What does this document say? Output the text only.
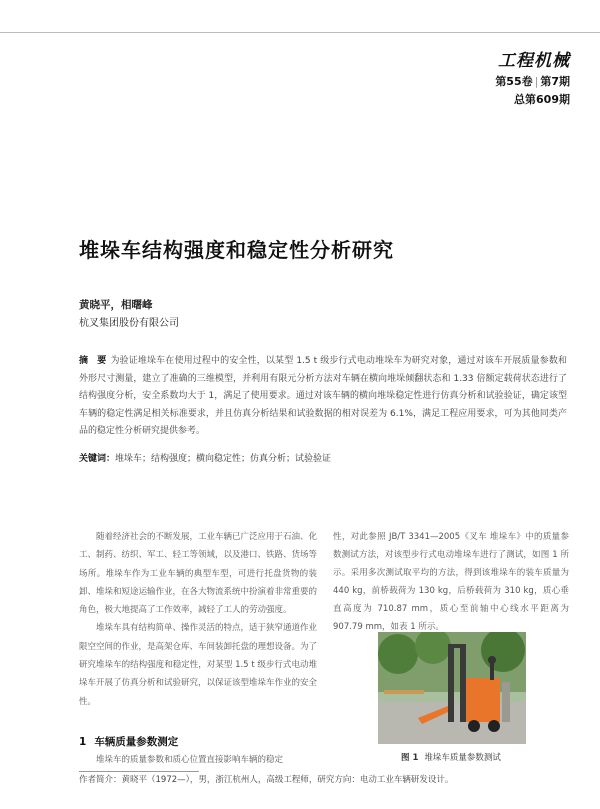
工程机械
第55卷 | 第7期
总第609期
堆垛车结构强度和稳定性分析研究
黄晓平，相曙峰
杭叉集团股份有限公司
摘　要 为验证堆垛车在使用过程中的安全性，以某型 1.5 t 级步行式电动堆垛车为研究对象，通过对该车开展质量参数和外形尺寸测量，建立了准确的三维模型，并利用有限元分析方法对车辆在横向堆垛倾翻状态和 1.33 倍额定载荷状态进行了结构强度分析，安全系数均大于 1，满足了使用要求。通过对该车辆的横向堆垛稳定性进行仿真分析和试验验证，确定该型车辆的稳定性满足相关标准要求，并且仿真分析结果和试验数据的相对误差为 6.1%，满足工程应用要求，可为其他同类产品的稳定性分析研究提供参考。
关键词：堆垛车；结构强度；横向稳定性；仿真分析；试验验证

随着经济社会的不断发展，工业车辆已广泛应用于石油、化工、制药、纺织、军工、轻工等领域，以及港口、铁路、货场等场所。堆垛车作为工业车辆的典型车型，可进行托盘货物的装卸、堆垛和短途运输作业，在各大物流系统中扮演着非常重要的角色，极大地提高了工作效率，减轻了工人的劳动强度。

堆垛车具有结构简单、操作灵活的特点，适于狭窄通道作业限空空间的作业，是高架仓库、车间装卸托盘的理想设备。为了研究堆垛车的结构强度和稳定性，对某型 1.5 t 级步行式电动堆垛车开展了仿真分析和试验研究，以保证该型堆垛车作业的安全性。

1 车辆质量参数测定
堆垛车的质量参数和质心位置直接影响车辆的稳定
作者简介：黄晓平（1972—），男，浙江杭州人，高级工程师，研究方向：电动工业车辆研发设计。
性，对此参照 JB/T 3341—2005《叉车 堆垛车》中的质量参数测试方法，对该型步行式电动堆垛车进行了测试，如图 1 所示。采用多次测试取平均的方法，得到该堆垛车的装车质量为 440 kg，前桥载荷为 130 kg，后桥载荷为 310 kg，质心垂直高度为 710.87 mm，质心至前轴中心线水平距离为 907.79 mm，如表 1 所示。
图 1 堆垛车质量参数测试
